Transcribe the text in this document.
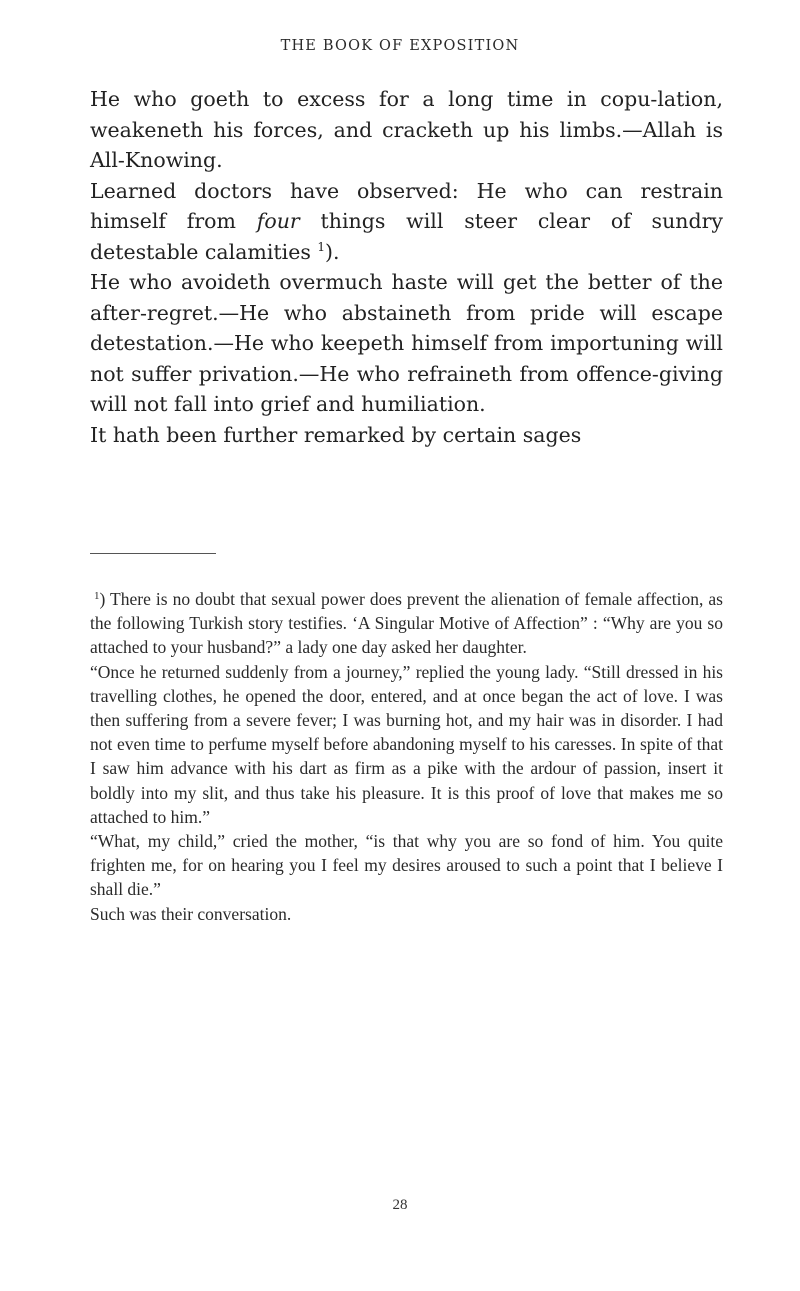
THE BOOK OF EXPOSITION

He who goeth to excess for a long time in copu-lation, weakeneth his forces, and cracketh up his limbs.—Allah is All-Knowing.

Learned doctors have observed: He who can restrain himself from four things will steer clear of sundry detestable calamities $^1$).

He who avoideth overmuch haste will get the better of the after-regret.—He who abstaineth from pride will escape detestation.—He who keepeth himself from importuning will not suffer privation.—He who refraineth from offence-giving will not fall into grief and humiliation.

It hath been further remarked by certain sages

$^1$) There is no doubt that sexual power does prevent the alienation of female affection, as the following Turkish story testifies. ‘A Singular Motive of Affection” : “Why are you so attached to your husband?” a lady one day asked her daughter.

“Once he returned suddenly from a journey,” replied the young lady. “Still dressed in his travelling clothes, he opened the door, entered, and at once began the act of love. I was then suffering from a severe fever; I was burning hot, and my hair was in disorder. I had not even time to perfume myself before abandoning myself to his caresses. In spite of that I saw him advance with his dart as firm as a pike with the ardour of passion, insert it boldly into my slit, and thus take his pleasure. It is this proof of love that makes me so attached to him.”

“What, my child,” cried the mother, “is that why you are so fond of him. You quite frighten me, for on hearing you I feel my desires aroused to such a point that I believe I shall die.”

Such was their conversation.

28
